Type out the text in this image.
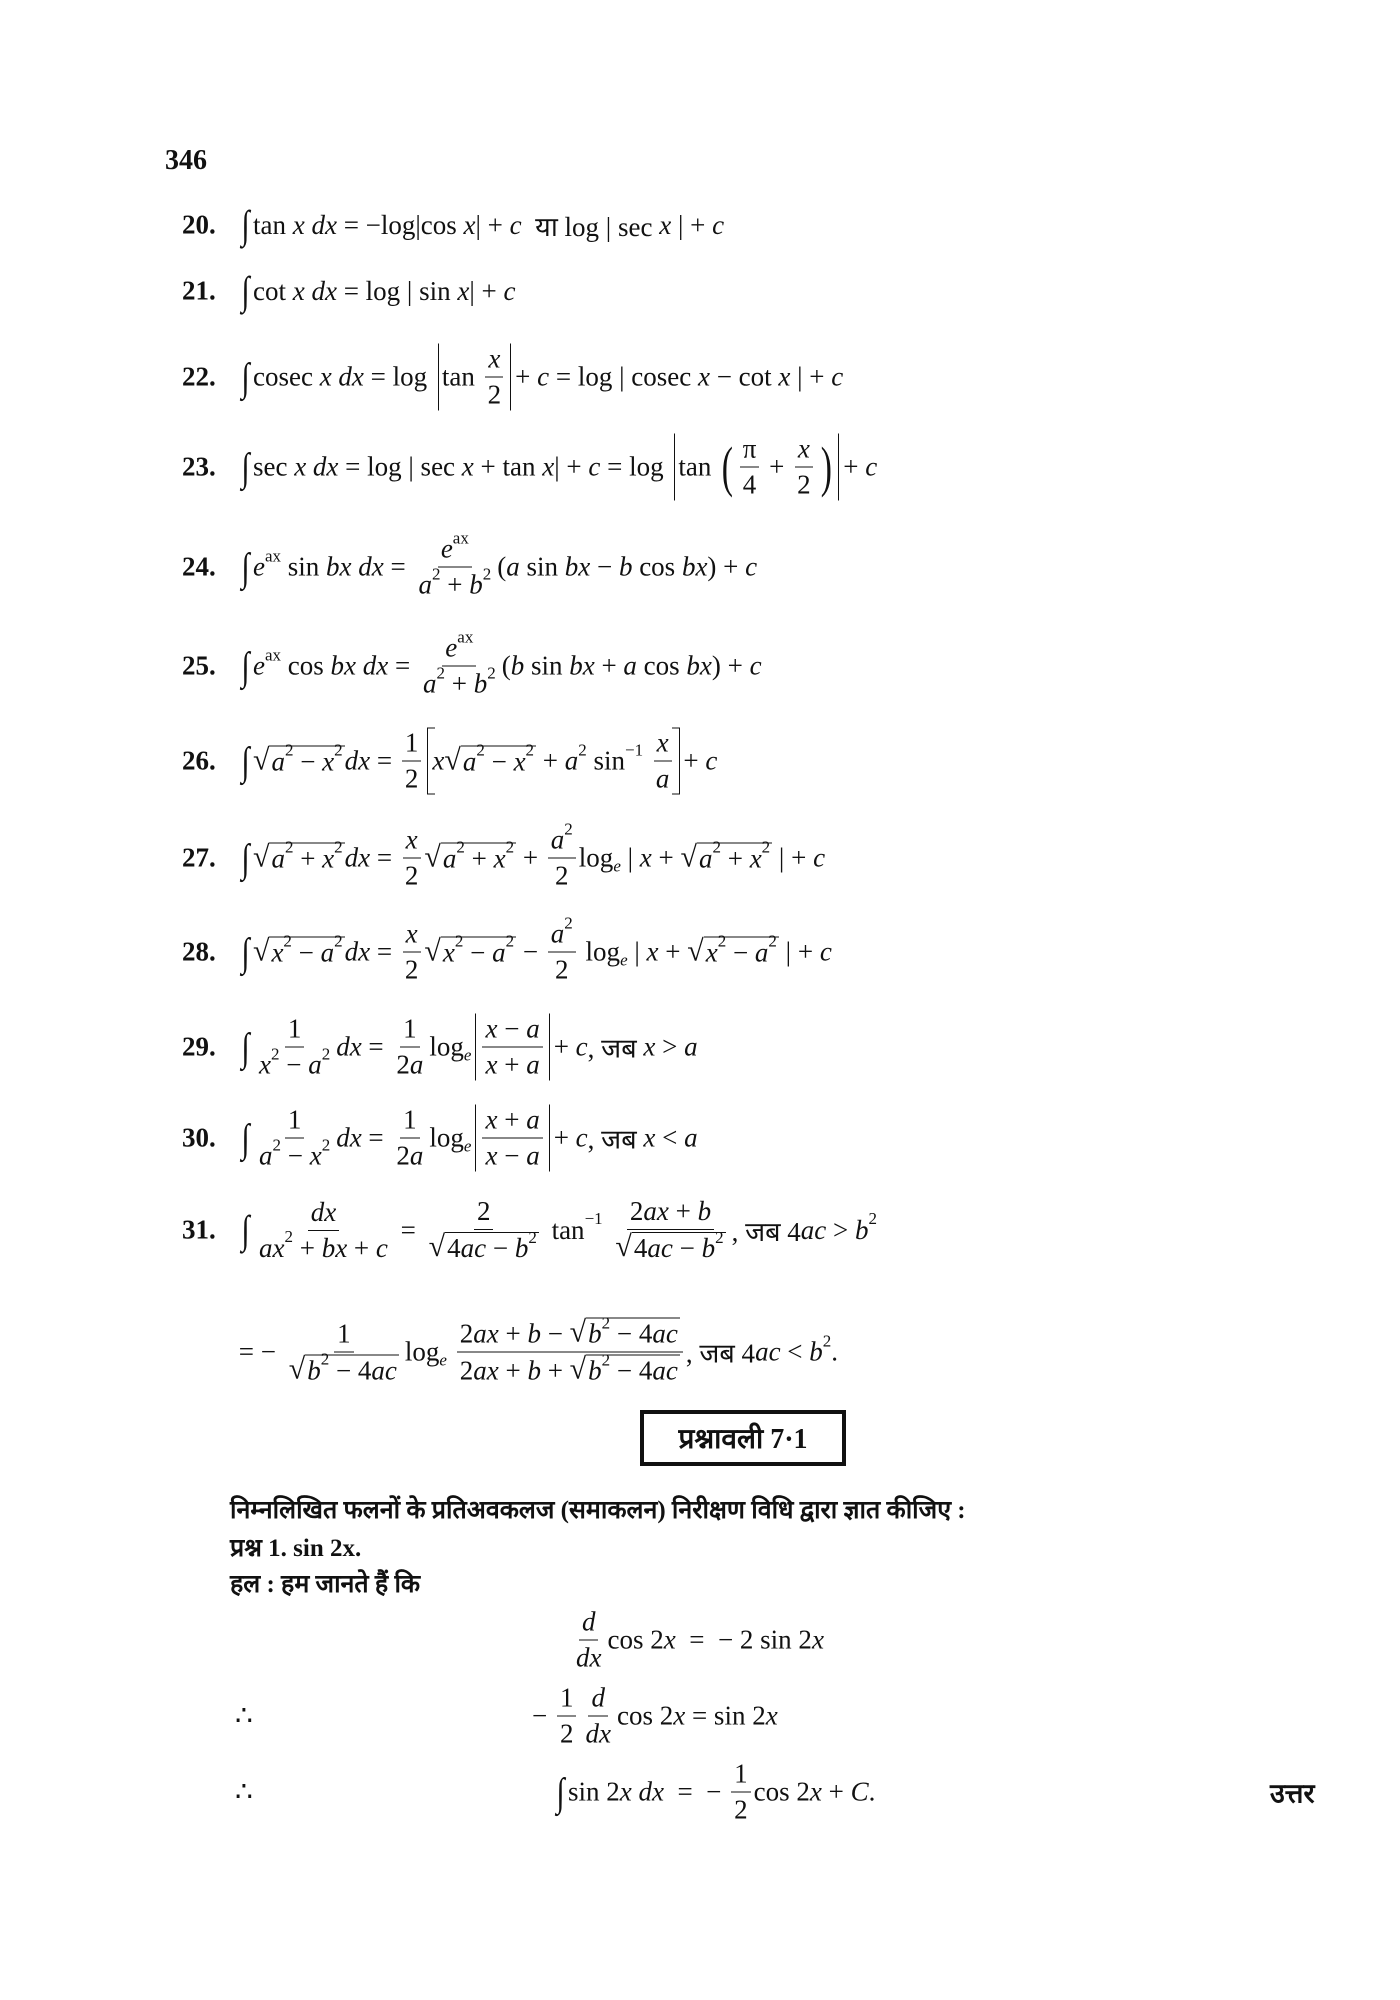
346
20. ∫ tan x dx = −log|cos x | + c या log | sec x | + c
21. ∫ cot x dx = log | sin x | + c
22. ∫ cosec x dx = $\log \tan \frac{x}{2} + c = \log$ | cosec x − cot x | + c
23. ∫ sec x dx = log | sec x + tan x | + c = log tan ( $\frac{\pi}{4} + \frac{x}{2}$ ) + c
24. ∫ e ax sin bx dx = $\frac{\text{e ax}}{a 2 + b 2}$ ( a sin bx − b cos bx ) + c
25. ∫ e ax cos bx dx = $\frac{\text{e ax}}{a 2 + b 2}$ ( b sin bx + a cos bx ) + c
26. ∫ √ a 2 − x 2 dx = $\frac{1}{2}$ x √ a 2 − x 2 + a 2 sin −1
$\frac{x}{a} + c$
27. ∫ √ a 2 + x 2 dx = $\frac{x}{2}$ √ a 2 + x $2 + \frac{a 2}{2}$ log e | x + √ a 2 + x 2 | + c
28. ∫ √ x 2 − a 2 dx = $\frac{x}{2}$ √ x 2 − a $2 - \frac{a 2}{2}$ log e | x + √ x 2 − a 2 | + c
29. ∫ $\frac{1}{x 2 - a 2}$ dx = $\frac{1}{2 a}$ log e $\frac{x - a}{x + a} + c$ , जब x > a
30. ∫ $\frac{1}{a 2 - x 2}$ dx = $\frac{1}{2 a}$ log e $\frac{x + a}{x - a} + c$ , जब x < a
31. ∫ $\frac{dx}{ax 2 + bx + c} = \frac{2}{√ 4 ac - b 2}$ tan −1
$\frac{2 ax + b}{√ 4 ac - b 2}$ , जब 4 ac > b 2
= − $\frac{1}{√ b 2 - 4 ac}$ log e
$\frac{2 ax + b - √ b 2 - 4 ac}{2 ax + b + √ b 2 - 4 ac}$ , जब 4 ac < b 2 .
प्रश्नावली 7·1
निम्नलिखित फलनों के प्रतिअवकलज (समाकलन) निरीक्षण विधि द्वारा ज्ञात कीजिए :
प्रश्न 1. sin 2x.
हल : हम जानते हैं कि
$\frac{d}{dx}$ cos 2 x =  − 2 sin 2 x
∴	− $\frac{1}{2} \frac{d}{dx}$ cos 2 x = sin 2 x
∴	∫ sin 2 x dx =  − $\frac{1}{2}$ cos 2 x + C .	उत्तर
